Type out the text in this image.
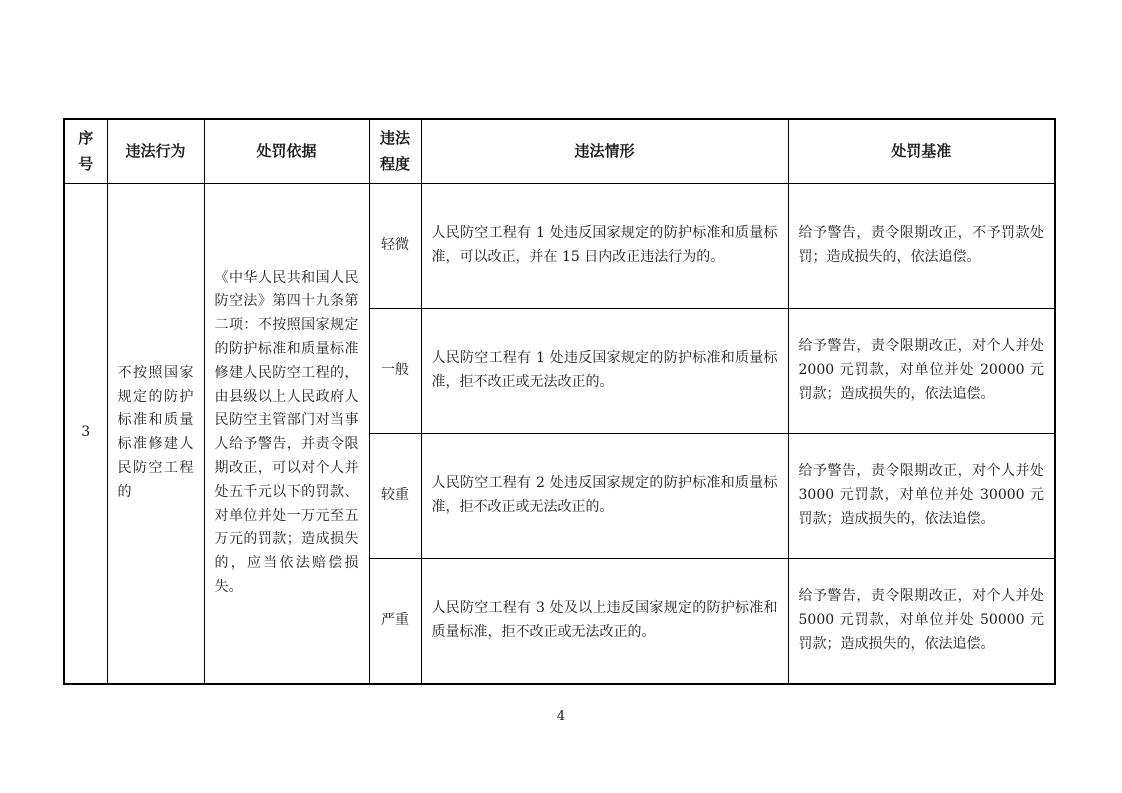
序号	违法行为	处罚依据	违法程度	违法情形	处罚基准
3	不按照国家规定的防护标准和质量标准修建人民防空工程的	《中华人民共和国人民防空法》第四十九条第二项：不按照国家规定的防护标准和质量标准修建人民防空工程的，由县级以上人民政府人民防空主管部门对当事人给予警告，并责令限期改正，可以对个人并处五千元以下的罚款、对单位并处一万元至五万元的罚款；造成损失的，应当依法赔偿损失。	轻微	人民防空工程有 1 处违反国家规定的防护标准和质量标准，可以改正，并在 15 日内改正违法行为的。	给予警告，责令限期改正，不予罚款处罚；造成损失的，依法追偿。
			一般	人民防空工程有 1 处违反国家规定的防护标准和质量标准，拒不改正或无法改正的。	给予警告，责令限期改正，对个人并处 2000 元罚款，对单位并处 20000 元罚款；造成损失的，依法追偿。
			较重	人民防空工程有 2 处违反国家规定的防护标准和质量标准，拒不改正或无法改正的。	给予警告，责令限期改正，对个人并处 3000 元罚款，对单位并处 30000 元罚款；造成损失的，依法追偿。
			严重	人民防空工程有 3 处及以上违反国家规定的防护标准和质量标准，拒不改正或无法改正的。	给予警告，责令限期改正，对个人并处 5000 元罚款，对单位并处 50000 元罚款；造成损失的，依法追偿。
4
